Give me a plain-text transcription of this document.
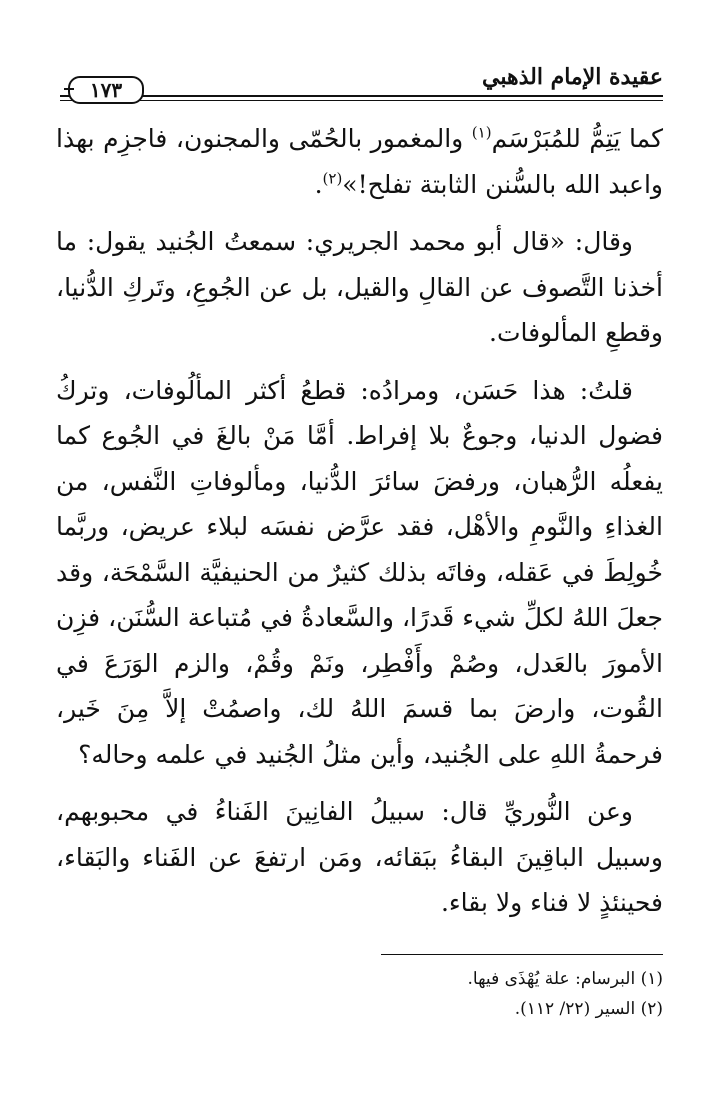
عقيدة الإمام الذهبي
١٧٣

كما يَتِمُّ للمُبَرْسَم$^{(١)}$ والمغمور بالحُمّى والمجنون، فاجزِم بهذا واعبد الله بالسُّنن الثابتة تفلح!»$^{(٢)}$.

وقال: «قال أبو محمد الجريري: سمعتُ الجُنيد يقول: ما أخذنا التَّصوف عن القالِ والقيل، بل عن الجُوعِ، وتَركِ الدُّنيا، وقطعِ المألوفات.

قلتُ: هذا حَسَن، ومرادُه: قطعُ أكثر المألُوفات، وتركُ فضول الدنيا، وجوعٌ بلا إفراط. أمَّا مَنْ بالغَ في الجُوع كما يفعلُه الرُّهبان، ورفضَ سائرَ الدُّنيا، ومألوفاتِ النَّفس، من الغذاءِ والنَّومِ والأهْل، فقد عرَّض نفسَه لبلاء عريض، وربَّما خُولِطَ في عَقله، وفاتَه بذلك كثيرٌ من الحنيفيَّة السَّمْحَة، وقد جعلَ اللهُ لكلِّ شيء قَدرًا، والسَّعادةُ في مُتباعة السُّنَن، فزِن الأمورَ بالعَدل، وصُمْ وأَفْطِر، ونَمْ وقُمْ، والزم الوَرَعَ في القُوت، وارضَ بما قسمَ اللهُ لك، واصمُتْ إلاَّ مِنَ خَير، فرحمةُ اللهِ على الجُنيد، وأين مثلُ الجُنيد في علمه وحاله؟

وعن النُّوريِّ قال: سبيلُ الفانِينَ الفَناءُ في محبوبهم، وسبيل الباقِينَ البقاءُ ببَقائه، ومَن ارتفعَ عن الفَناء والبَقاء، فحينئذٍ لا فناء ولا بقاء.

(١) البرسام: علة يُهْذَى فيها.

(٢) السير (٢٢/ ١١٢).
